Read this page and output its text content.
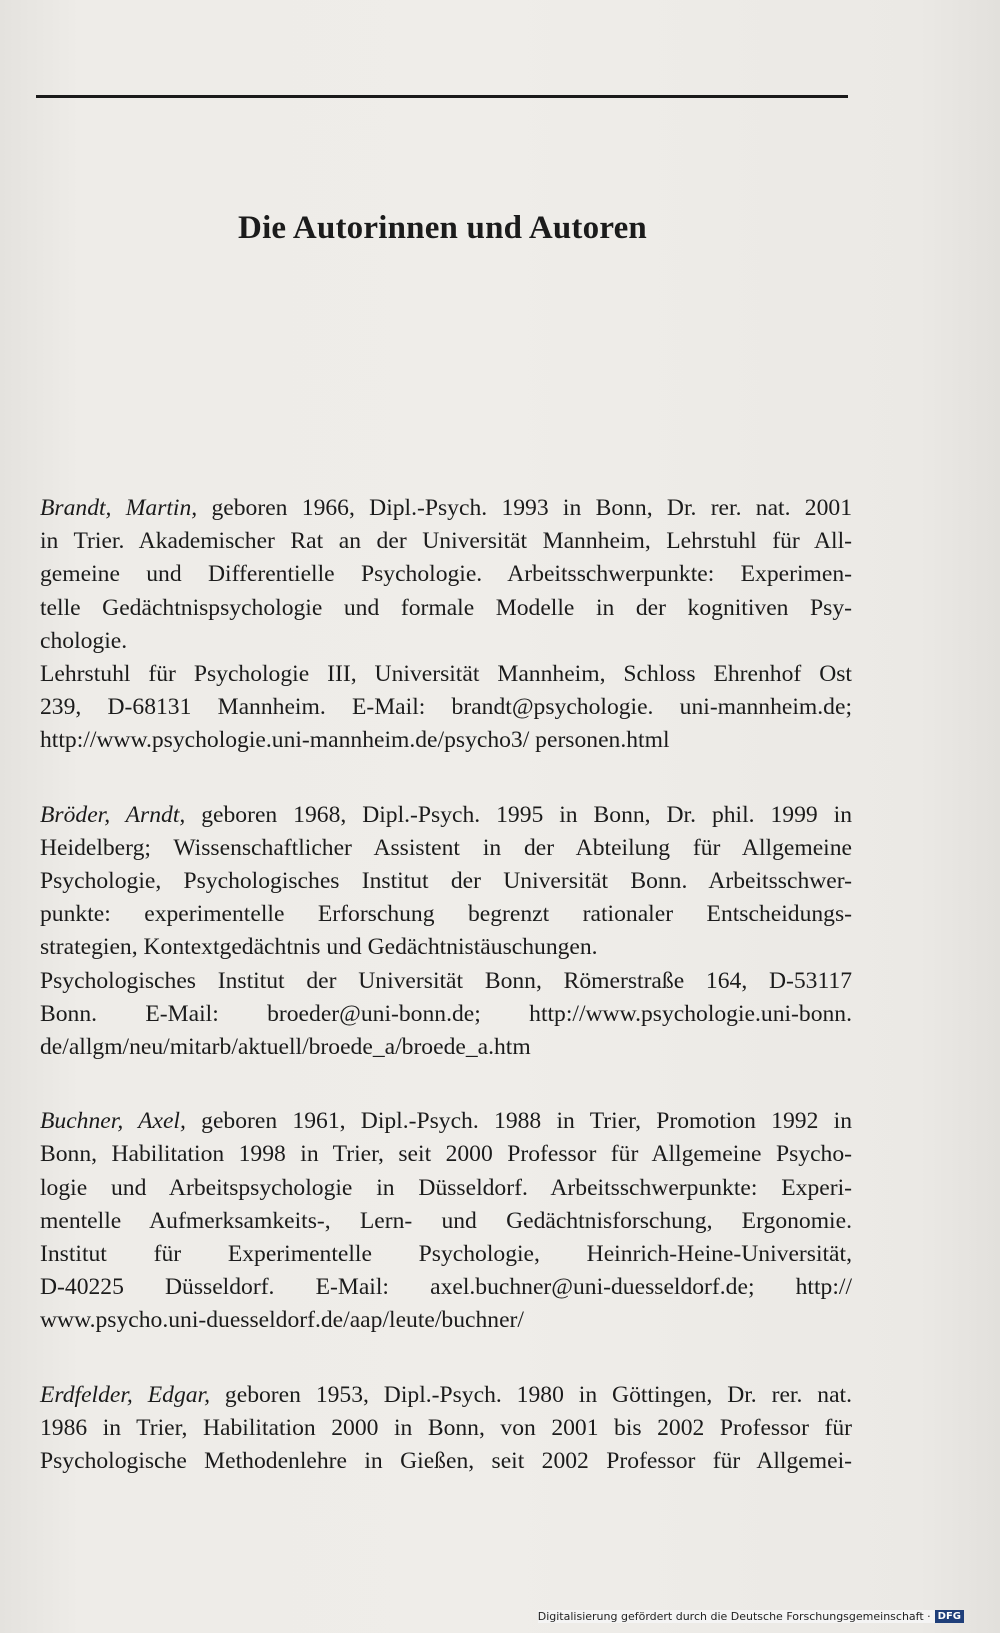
Die Autorinnen und Autoren
Brandt, Martin, geboren 1966, Dipl.-Psych. 1993 in Bonn, Dr. rer. nat. 2001
in Trier. Akademischer Rat an der Universität Mannheim, Lehrstuhl für All-
gemeine und Differentielle Psychologie. Arbeitsschwerpunkte: Experimen-
telle Gedächtnispsychologie und formale Modelle in der kognitiven Psy-
chologie.
Lehrstuhl für Psychologie III, Universität Mannheim, Schloss Ehrenhof Ost
239, D-68131 Mannheim. E-Mail: brandt@psychologie. uni-mannheim.de;
http://www.psychologie.uni-mannheim.de/psycho3/ personen.html
Bröder, Arndt, geboren 1968, Dipl.-Psych. 1995 in Bonn, Dr. phil. 1999 in
Heidelberg; Wissenschaftlicher Assistent in der Abteilung für Allgemeine
Psychologie, Psychologisches Institut der Universität Bonn. Arbeitsschwer-
punkte: experimentelle Erforschung begrenzt rationaler Entscheidungs-
strategien, Kontextgedächtnis und Gedächtnistäuschungen.
Psychologisches Institut der Universität Bonn, Römerstraße 164, D-53117
Bonn. E-Mail: broeder@uni-bonn.de; http://www.psychologie.uni-bonn.
de/allgm/neu/mitarb/aktuell/broede_a/broede_a.htm
Buchner, Axel, geboren 1961, Dipl.-Psych. 1988 in Trier, Promotion 1992 in
Bonn, Habilitation 1998 in Trier, seit 2000 Professor für Allgemeine Psycho-
logie und Arbeitspsychologie in Düsseldorf. Arbeitsschwerpunkte: Experi-
mentelle Aufmerksamkeits-, Lern- und Gedächtnisforschung, Ergonomie.
Institut für Experimentelle Psychologie, Heinrich-Heine-Universität,
D-40225 Düsseldorf. E-Mail: axel.buchner@uni-duesseldorf.de; http://
www.psycho.uni-duesseldorf.de/aap/leute/buchner/
Erdfelder, Edgar, geboren 1953, Dipl.-Psych. 1980 in Göttingen, Dr. rer. nat.
1986 in Trier, Habilitation 2000 in Bonn, von 2001 bis 2002 Professor für
Psychologische Methodenlehre in Gießen, seit 2002 Professor für Allgemei-
Digitalisierung gefördert durch die Deutsche Forschungsgemeinschaft · DFG
